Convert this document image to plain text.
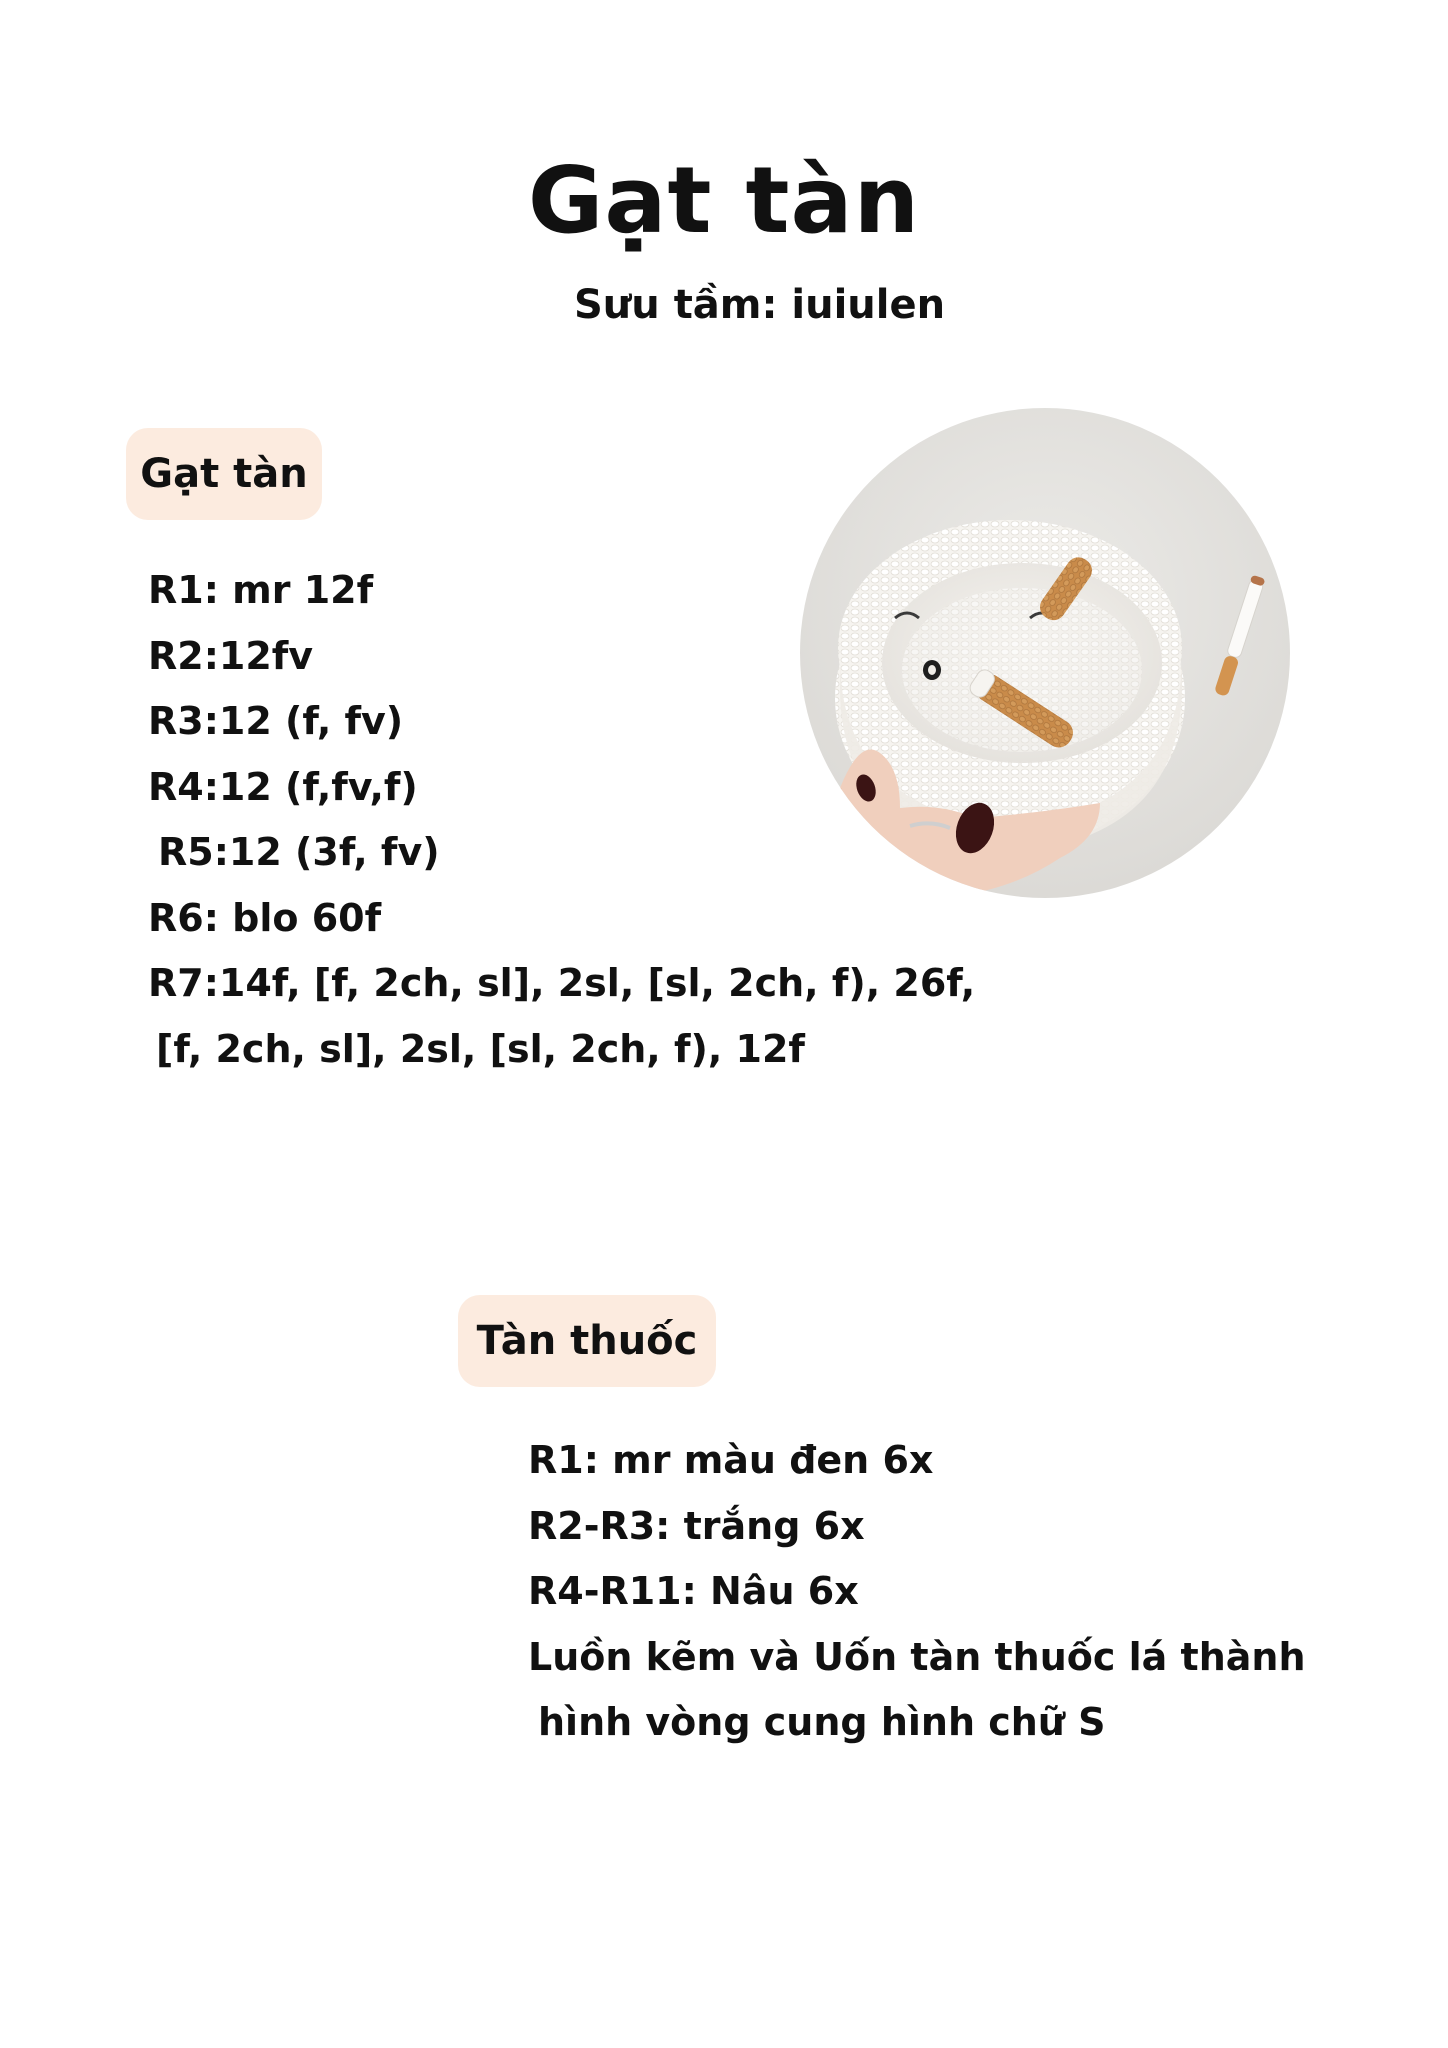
Gạt tàn

Sưu tầm: iuiulen

Gạt tàn
R1: mr 12f
R2:12fv
R3:12 (f, fv)
R4:12 (f,fv,f)
R5:12 (3f, fv)
R6: blo 60f
R7:14f, [f, 2ch, sl], 2sl, [sl, 2ch, f), 26f,
[f, 2ch, sl], 2sl, [sl, 2ch, f), 12f
Tàn thuốc
R1: mr màu đen 6x
R2-R3: trắng 6x
R4-R11: Nâu 6x
Luồn kẽm và Uốn tàn thuốc lá thành
hình vòng cung hình chữ S
